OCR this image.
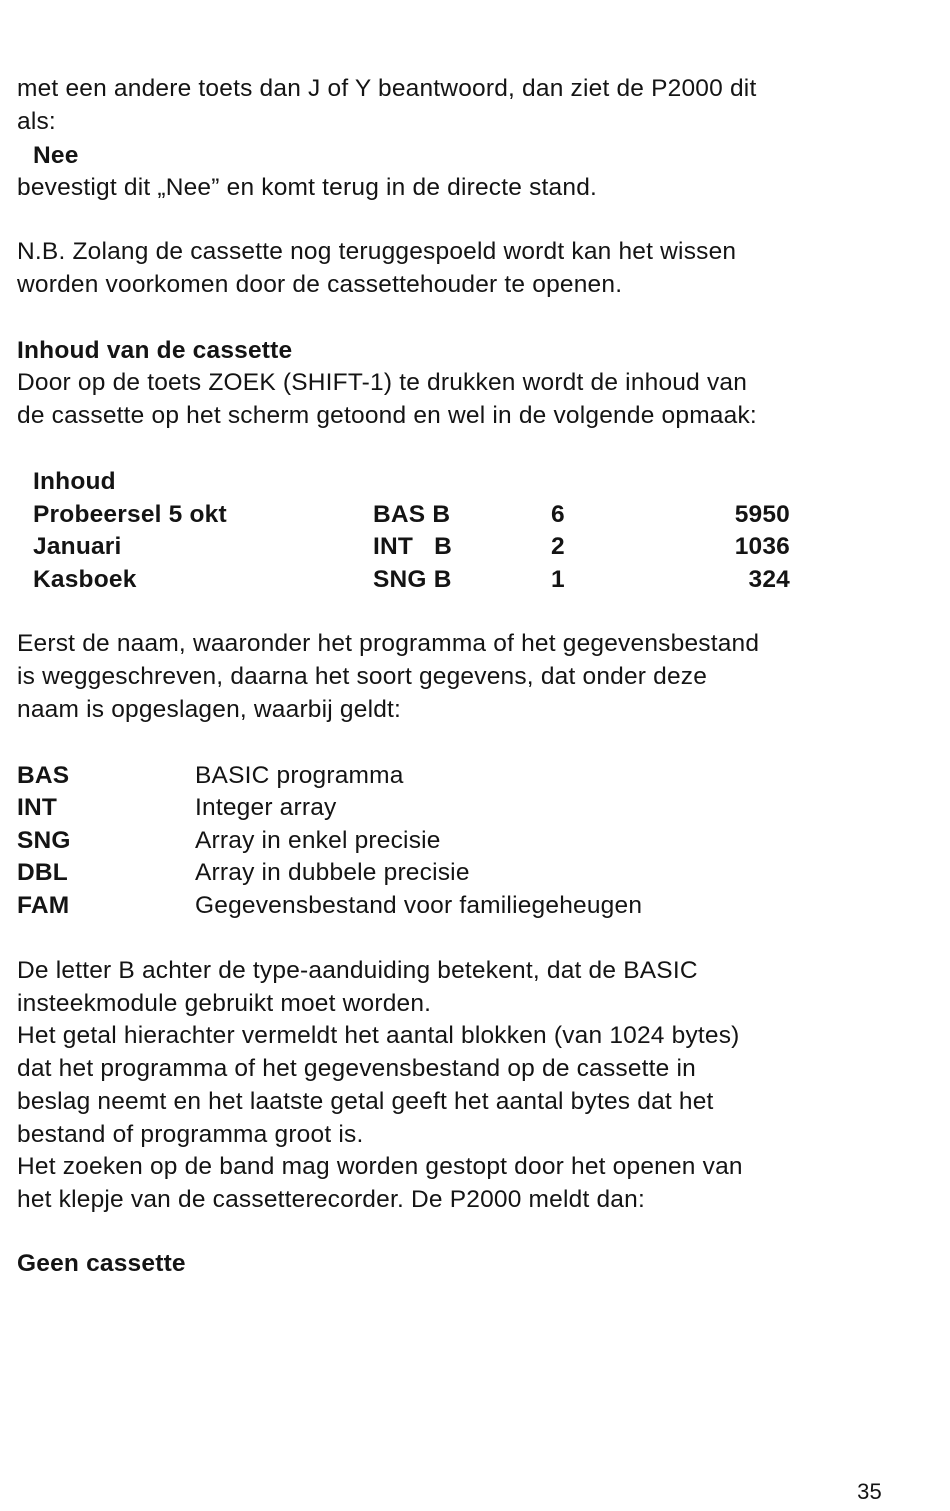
met een andere toets dan J of Y beantwoord, dan ziet de P2000 dit
als:
Nee
bevestigt dit „Nee” en komt terug in de directe stand.
N.B. Zolang de cassette nog teruggespoeld wordt kan het wissen
worden voorkomen door de cassettehouder te openen.
Inhoud van de cassette
Door op de toets ZOEK (SHIFT-1) te drukken wordt de inhoud van
de cassette op het scherm getoond en wel in de volgende opmaak:
Inhoud
Probeersel 5 okt	BAS B	6	5950
Januari	INT   B	2	1036
Kasboek	SNG B	1	324
Eerst de naam, waaronder het programma of het gegevensbestand
is weggeschreven, daarna het soort gegevens, dat onder deze
naam is opgeslagen, waarbij geldt:
BAS	BASIC programma
INT	Integer array
SNG	Array in enkel precisie
DBL	Array in dubbele precisie
FAM	Gegevensbestand voor familiegeheugen
De letter B achter de type-aanduiding betekent, dat de BASIC
insteekmodule gebruikt moet worden.
Het getal hierachter vermeldt het aantal blokken (van 1024 bytes)
dat het programma of het gegevensbestand op de cassette in
beslag neemt en het laatste getal geeft het aantal bytes dat het
bestand of programma groot is.
Het zoeken op de band mag worden gestopt door het openen van
het klepje van de cassetterecorder. De P2000 meldt dan:
Geen cassette
35
